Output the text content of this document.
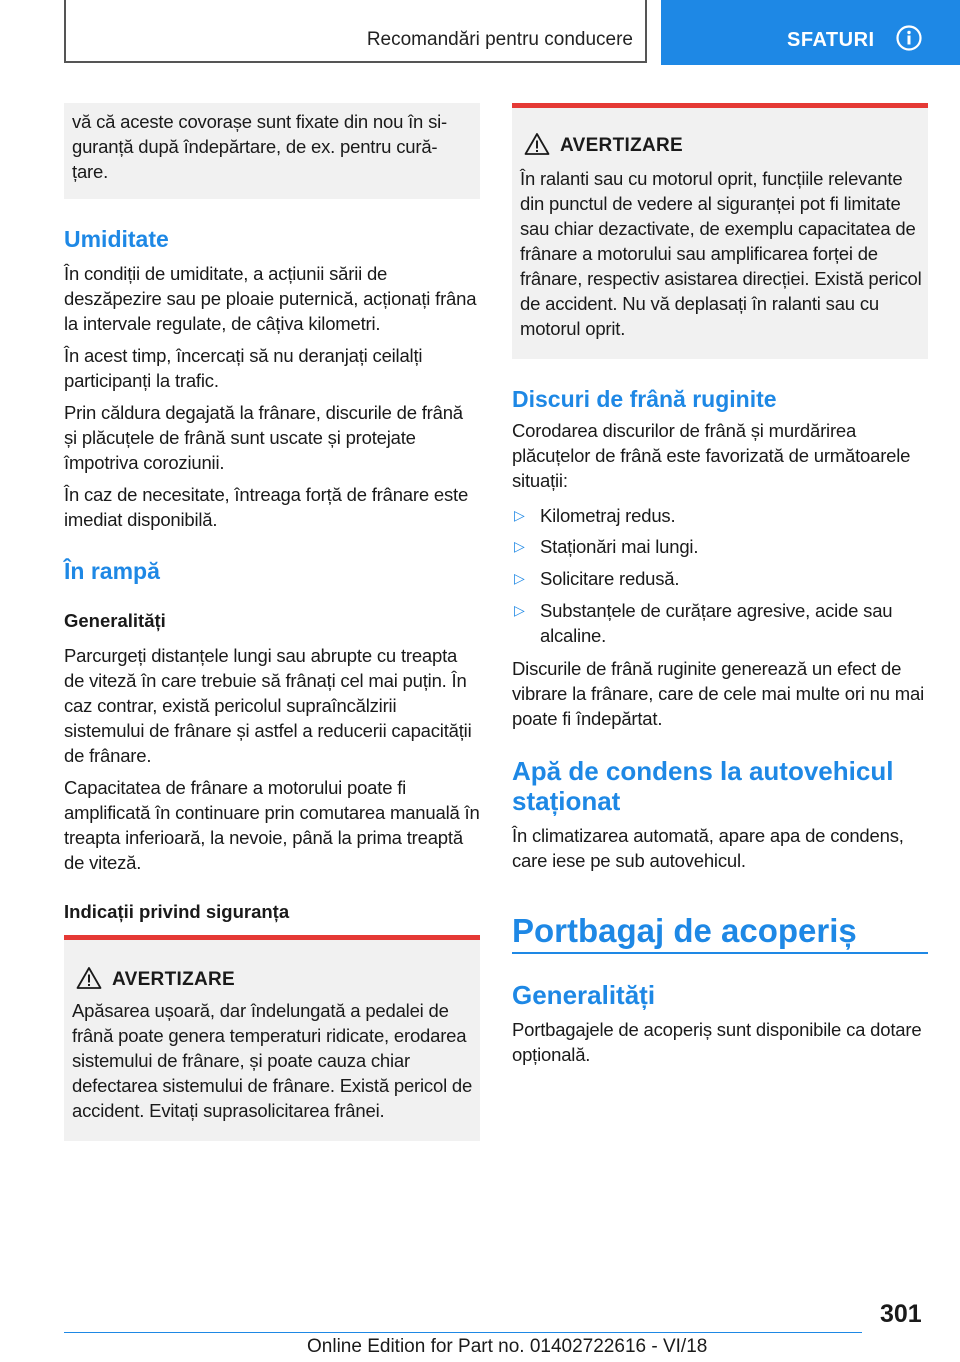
Recomandări pentru conducere	SFATURI
vă că aceste covorașe sunt fixate din nou în si-
guranță după îndepărtare, de ex. pentru cură-
țare.
Umiditate
În condiții de umiditate, a acțiunii sării de deszăpezire sau pe ploaie puternică, acționați frâna la intervale regulate, de câțiva kilometri.
În acest timp, încercați să nu deranjați ceilalți participanți la trafic.
Prin căldura degajată la frânare, discurile de frână și plăcuțele de frână sunt uscate și protejate împotriva coroziunii.
În caz de necesitate, întreaga forță de frânare este imediat disponibilă.
În rampă
Generalități
Parcurgeți distanțele lungi sau abrupte cu treapta de viteză în care trebuie să frânați cel mai puțin. În caz contrar, există pericolul supraîncălzirii sistemului de frânare și astfel a reducerii capacității de frânare.
Capacitatea de frânare a motorului poate fi amplificată în continuare prin comutarea manuală în treapta inferioară, la nevoie, până la prima treaptă de viteză.
Indicații privind siguranța
AVERTIZARE
Apăsarea ușoară, dar îndelungată a pedalei de frână poate genera temperaturi ridicate, erodarea sistemului de frânare, și poate cauza chiar defectarea sistemului de frânare. Există pericol de accident. Evitați suprasolicitarea frânei.
AVERTIZARE
În ralanti sau cu motorul oprit, funcțiile relevante din punctul de vedere al siguranței pot fi limitate sau chiar dezactivate, de exemplu capacitatea de frânare a motorului sau amplificarea forței de frânare, respectiv asistarea direcției. Există pericol de accident. Nu vă deplasați în ralanti sau cu motorul oprit.
Discuri de frână ruginite
Corodarea discurilor de frână și murdărirea plăcuțelor de frână este favorizată de următoarele situații:
▷ Kilometraj redus.
▷ Staționări mai lungi.
▷ Solicitare redusă.
▷ Substanțele de curățare agresive, acide sau alcaline.
Discurile de frână ruginite generează un efect de vibrare la frânare, care de cele mai multe ori nu mai poate fi îndepărtat.
Apă de condens la autovehicul staționat
În climatizarea automată, apare apa de condens, care iese pe sub autovehicul.
Portbagaj de acoperiș
Generalități
Portbagajele de acoperiș sunt disponibile ca dotare opțională.
301
Online Edition for Part no. 01402722616 - VI/18
